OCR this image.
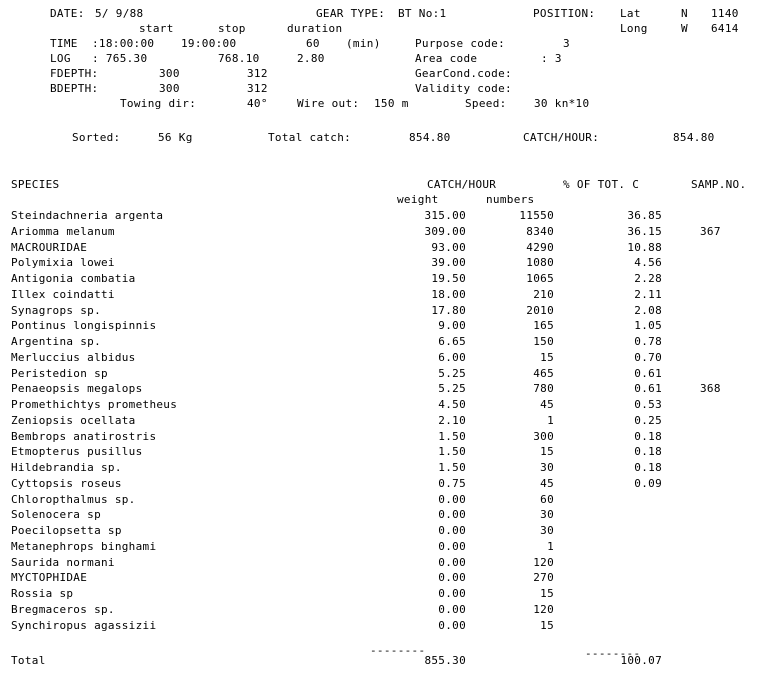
DATE: 5/ 9/88	GEAR TYPE: BT No:1	POSITION: Lat	N 1140
start	stop	duration	Long	W 6414
TIME :18:00:00 19:00:00	60 (min)	Purpose code:	3
LOG : 765.30	768.10	2.80	Area code	: 3
FDEPTH:	300	312	GearCond.code:
BDEPTH:	300	312	Validity code:
Towing dir:	40°	Wire out: 150 m	Speed: 30 kn*10
Sorted:	56 Kg	Total catch:	854.80	CATCH/HOUR:	854.80
SPECIES	CATCH/HOUR	% OF TOT. C	SAMP.NO.
weight	numbers
Steindachneria argenta	315.00	11550	36.85
Ariomma melanum	309.00	8340	36.15	367
MACROURIDAE	93.00	4290	10.88
Polymixia lowei	39.00	1080	4.56
Antigonia combatia	19.50	1065	2.28
Illex coindatti	18.00	210	2.11
Synagrops sp.	17.80	2010	2.08
Pontinus longispinnis	9.00	165	1.05
Argentina sp.	6.65	150	0.78
Merluccius albidus	6.00	15	0.70
Peristedion sp	5.25	465	0.61
Penaeopsis megalops	5.25	780	0.61	368
Promethichtys prometheus	4.50	45	0.53
Zeniopsis ocellata	2.10	1	0.25
Bembrops anatirostris	1.50	300	0.18
Etmopterus pusillus	1.50	15	0.18
Hildebrandia sp.	1.50	30	0.18
Cyttopsis roseus	0.75	45	0.09
Chloropthalmus sp.	0.00	60
Solenocera sp	0.00	30
Poecilopsetta sp	0.00	30
Metanephrops binghami	0.00	1
Saurida normani	0.00	120
MYCTOPHIDAE	0.00	270
Rossia sp	0.00	15
Bregmaceros sp.	0.00	120
Synchiropus agassizii	0.00	15
--------	--------
Total	855.30	100.07
